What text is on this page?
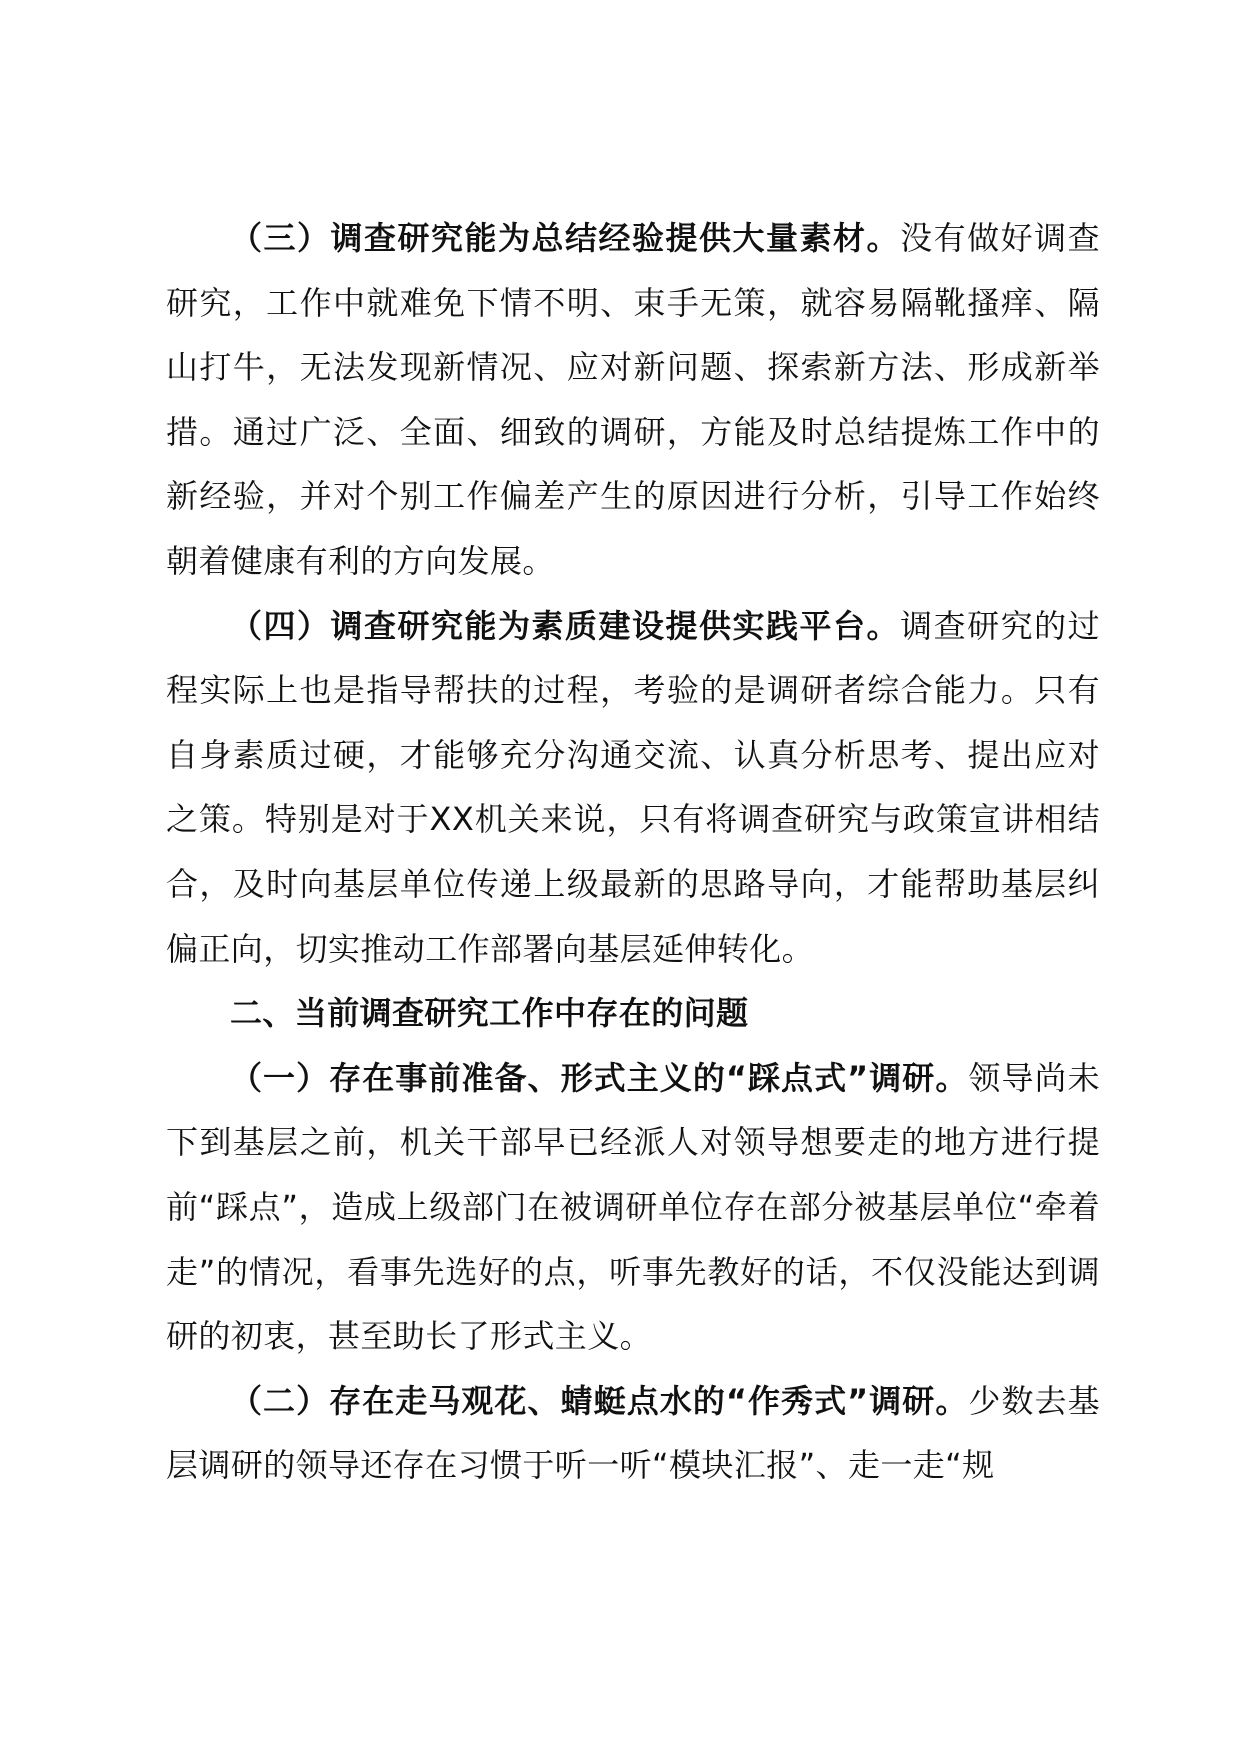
（三）调查研究能为总结经验提供大量素材。没有做好调查研究，工作中就难免下情不明、束手无策，就容易隔靴搔痒、隔山打牛，无法发现新情况、应对新问题、探索新方法、形成新举措。通过广泛、全面、细致的调研，方能及时总结提炼工作中的新经验，并对个别工作偏差产生的原因进行分析，引导工作始终朝着健康有利的方向发展。

（四）调查研究能为素质建设提供实践平台。调查研究的过程实际上也是指导帮扶的过程，考验的是调研者综合能力。只有自身素质过硬，才能够充分沟通交流、认真分析思考、提出应对之策。特别是对于XX机关来说，只有将调查研究与政策宣讲相结合，及时向基层单位传递上级最新的思路导向，才能帮助基层纠偏正向，切实推动工作部署向基层延伸转化。

二、当前调查研究工作中存在的问题

（一）存在事前准备、形式主义的“踩点式”调研。领导尚未下到基层之前，机关干部早已经派人对领导想要走的地方进行提前“踩点”，造成上级部门在被调研单位存在部分被基层单位“牵着走”的情况，看事先选好的点，听事先教好的话，不仅没能达到调研的初衷，甚至助长了形式主义。

（二）存在走马观花、蜻蜓点水的“作秀式”调研。少数去基层调研的领导还存在习惯于听一听“模块汇报”、走一走“规
